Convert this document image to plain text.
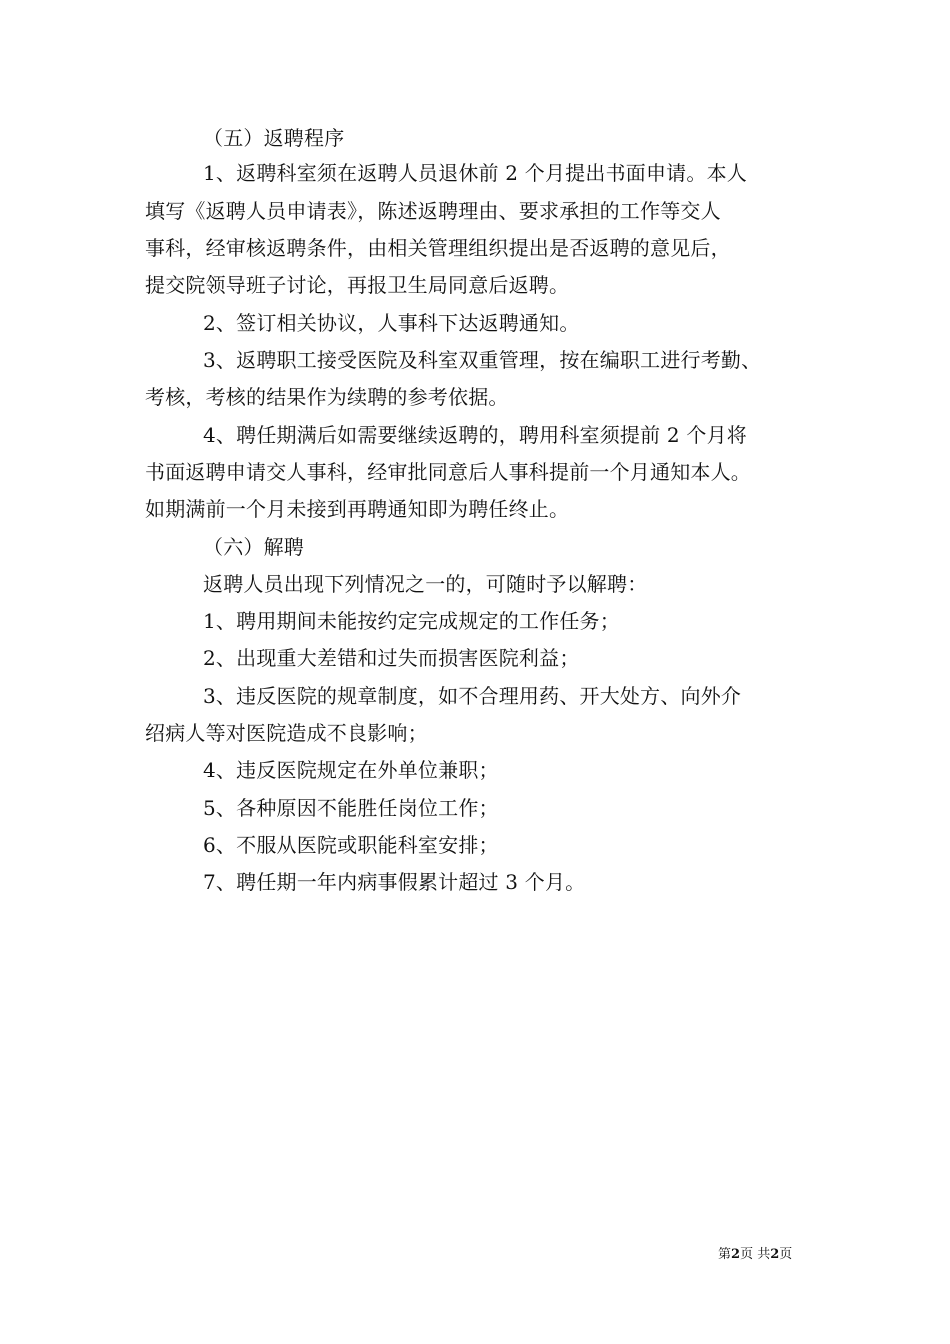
（五）返聘程序
1、返聘科室须在返聘人员退休前 2 个月提出书面申请。本人
填写《返聘人员申请表》，陈述返聘理由、要求承担的工作等交人
事科，经审核返聘条件，由相关管理组织提出是否返聘的意见后，
提交院领导班子讨论，再报卫生局同意后返聘。
2、签订相关协议，人事科下达返聘通知。
3、返聘职工接受医院及科室双重管理，按在编职工进行考勤、
考核，考核的结果作为续聘的参考依据。
4、聘任期满后如需要继续返聘的，聘用科室须提前 2 个月将
书面返聘申请交人事科，经审批同意后人事科提前一个月通知本人。
如期满前一个月未接到再聘通知即为聘任终止。
（六）解聘
返聘人员出现下列情况之一的，可随时予以解聘：
1、聘用期间未能按约定完成规定的工作任务；
2、出现重大差错和过失而损害医院利益；
3、违反医院的规章制度，如不合理用药、开大处方、向外介
绍病人等对医院造成不良影响；
4、违反医院规定在外单位兼职；
5、各种原因不能胜任岗位工作；
6、不服从医院或职能科室安排；
7、聘任期一年内病事假累计超过 3 个月。
第2页 共2页
